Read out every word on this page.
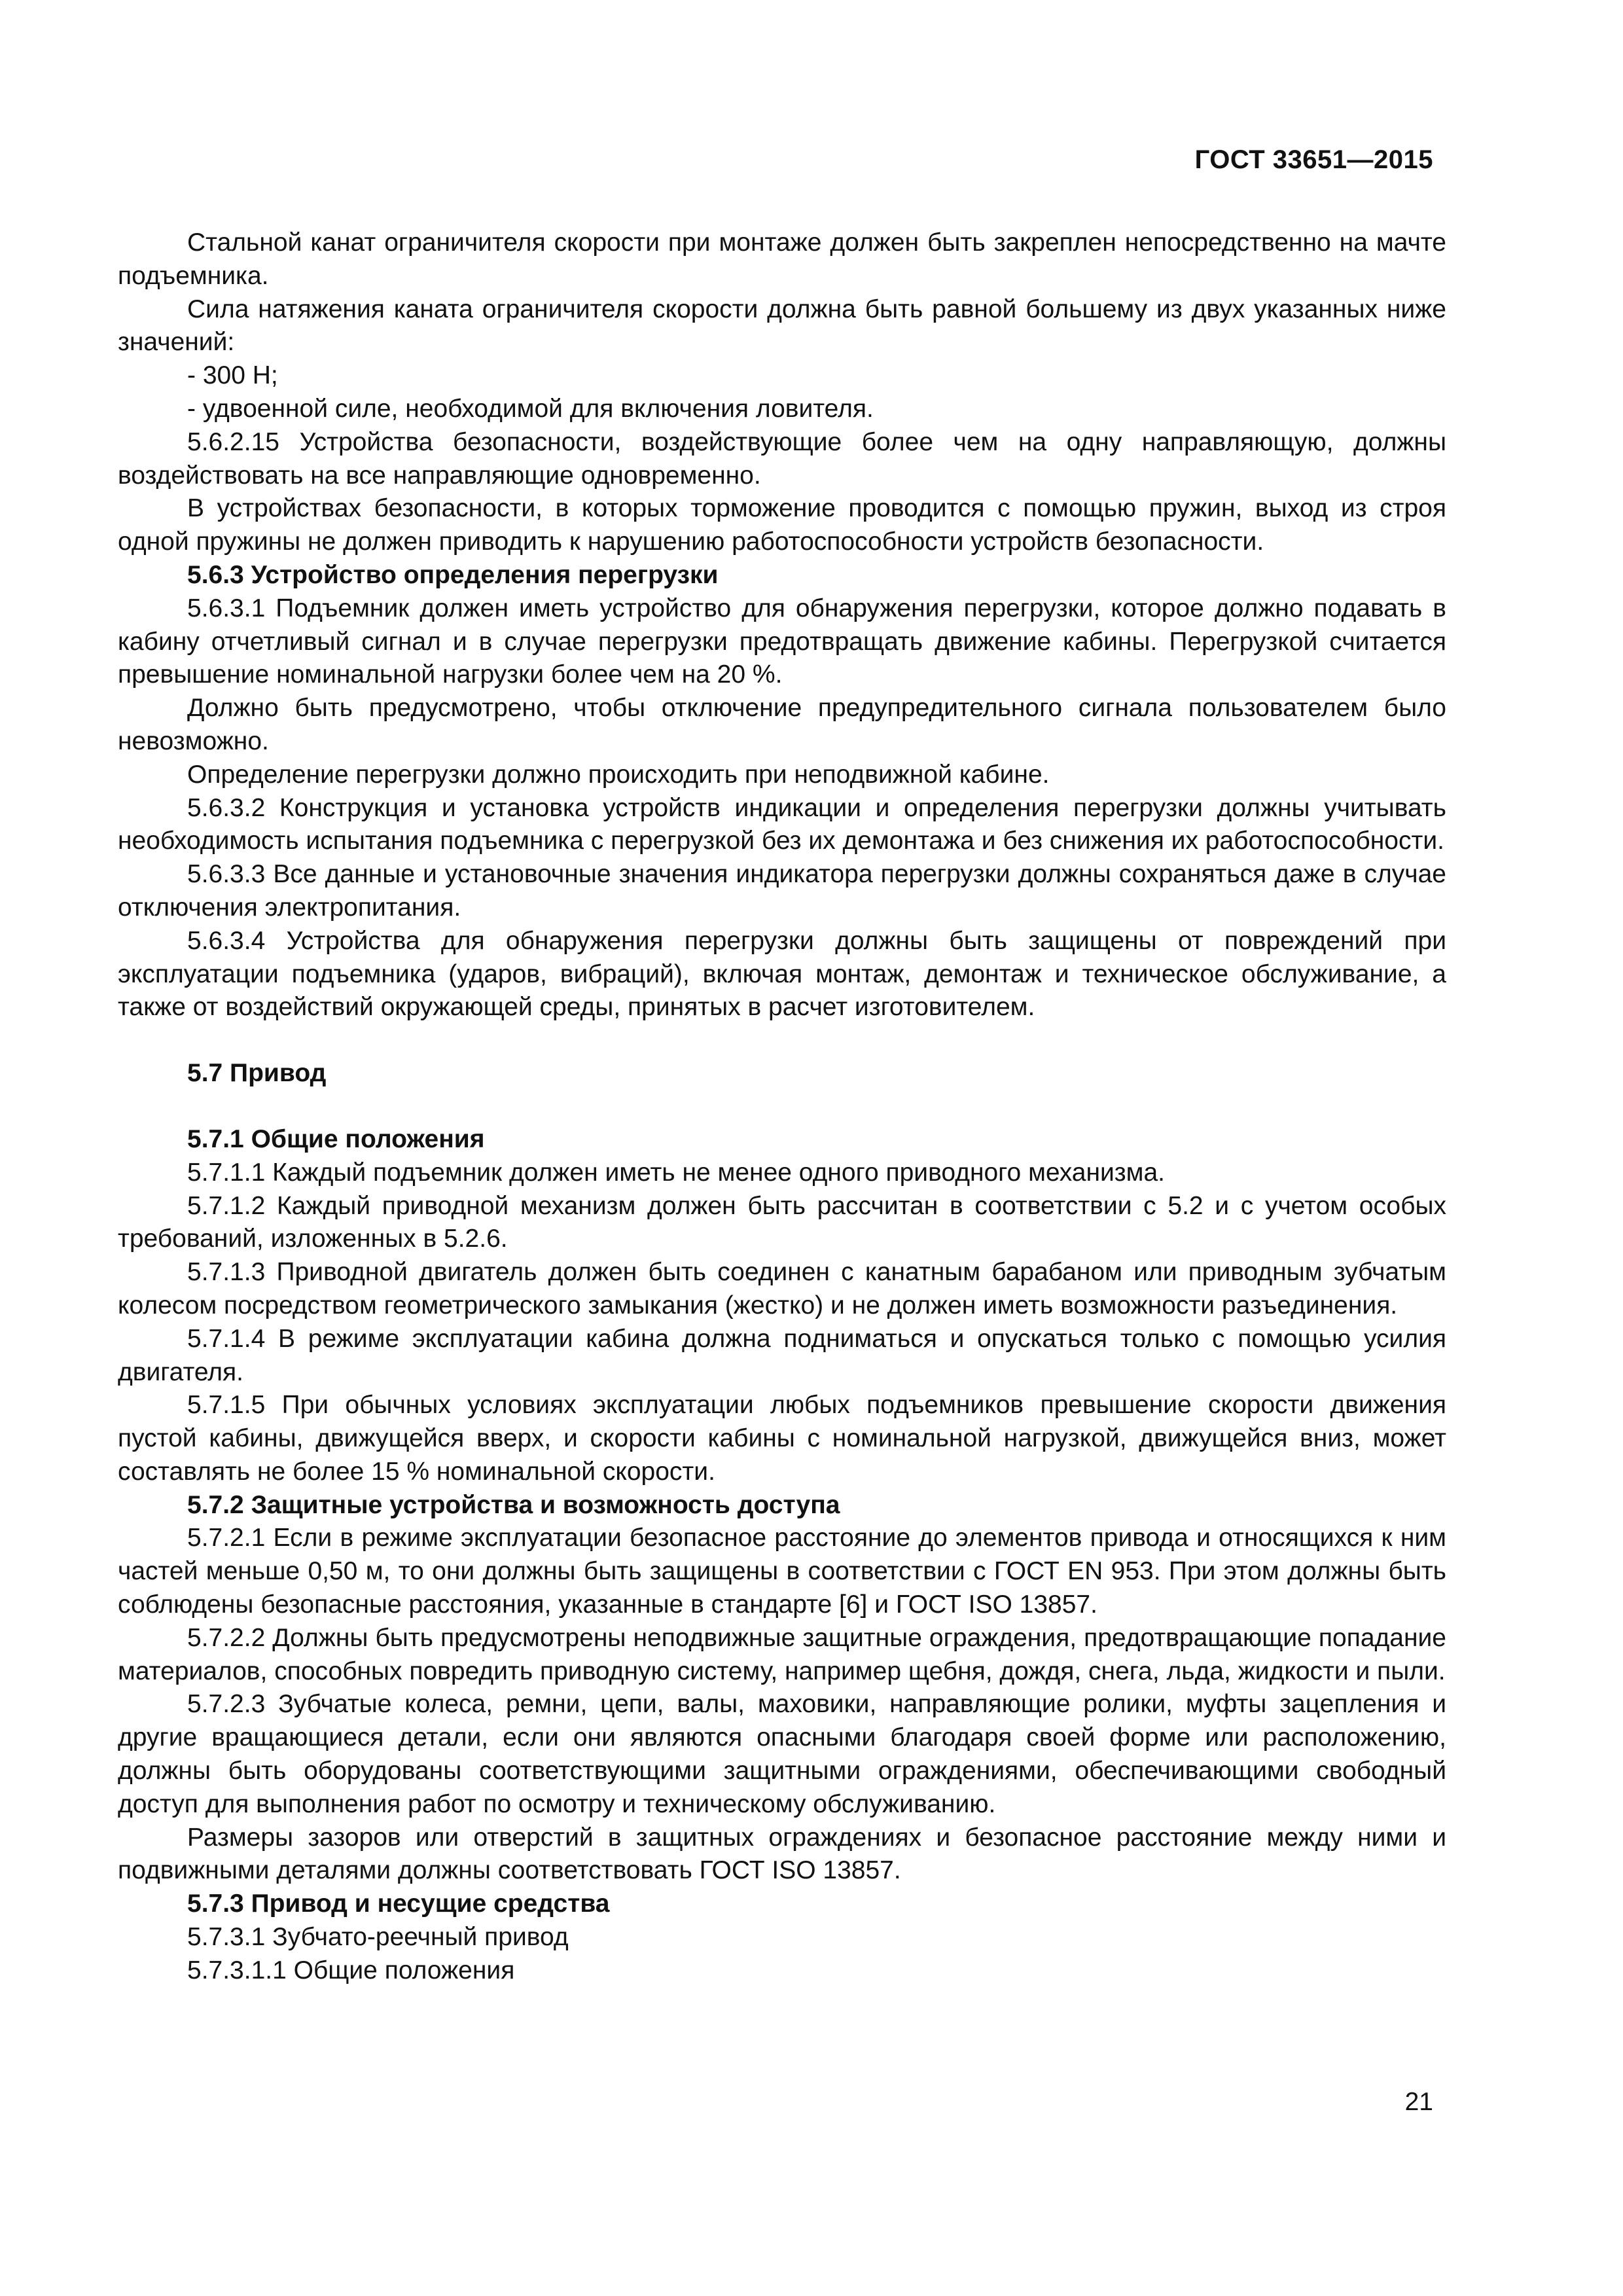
ГОСТ 33651—2015

Стальной канат ограничителя скорости при монтаже должен быть закреплен непосредственно на мачте подъемника.

Сила натяжения каната ограничителя скорости должна быть равной большему из двух указанных ниже значений:

- 300 Н;

- удвоенной силе, необходимой для включения ловителя.

5.6.2.15 Устройства безопасности, воздействующие более чем на одну направляющую, должны воздействовать на все направляющие одновременно.

В устройствах безопасности, в которых торможение проводится с помощью пружин, выход из строя одной пружины не должен приводить к нарушению работоспособности устройств безопасности.

5.6.3 Устройство определения перегрузки

5.6.3.1 Подъемник должен иметь устройство для обнаружения перегрузки, которое должно подавать в кабину отчетливый сигнал и в случае перегрузки предотвращать движение кабины. Перегрузкой считается превышение номинальной нагрузки более чем на 20 %.

Должно быть предусмотрено, чтобы отключение предупредительного сигнала пользователем было невозможно.

Определение перегрузки должно происходить при неподвижной кабине.

5.6.3.2 Конструкция и установка устройств индикации и определения перегрузки должны учитывать необходимость испытания подъемника с перегрузкой без их демонтажа и без снижения их работоспособности.

5.6.3.3 Все данные и установочные значения индикатора перегрузки должны сохраняться даже в случае отключения электропитания.

5.6.3.4 Устройства для обнаружения перегрузки должны быть защищены от повреждений при эксплуатации подъемника (ударов, вибраций), включая монтаж, демонтаж и техническое обслуживание, а также от воздействий окружающей среды, принятых в расчет изготовителем.

5.7 Привод

5.7.1 Общие положения

5.7.1.1 Каждый подъемник должен иметь не менее одного приводного механизма.

5.7.1.2 Каждый приводной механизм должен быть рассчитан в соответствии с 5.2 и с учетом особых требований, изложенных в 5.2.6.

5.7.1.3 Приводной двигатель должен быть соединен с канатным барабаном или приводным зубчатым колесом посредством геометрического замыкания (жестко) и не должен иметь возможности разъединения.

5.7.1.4 В режиме эксплуатации кабина должна подниматься и опускаться только с помощью усилия двигателя.

5.7.1.5 При обычных условиях эксплуатации любых подъемников превышение скорости движения пустой кабины, движущейся вверх, и скорости кабины с номинальной нагрузкой, движущейся вниз, может составлять не более 15 % номинальной скорости.

5.7.2 Защитные устройства и возможность доступа

5.7.2.1 Если в режиме эксплуатации безопасное расстояние до элементов привода и относящихся к ним частей меньше 0,50 м, то они должны быть защищены в соответствии с ГОСТ EN 953. При этом должны быть соблюдены безопасные расстояния, указанные в стандарте [6] и ГОСТ ISO 13857.

5.7.2.2 Должны быть предусмотрены неподвижные защитные ограждения, предотвращающие попадание материалов, способных повредить приводную систему, например щебня, дождя, снега, льда, жидкости и пыли.

5.7.2.3 Зубчатые колеса, ремни, цепи, валы, маховики, направляющие ролики, муфты зацепления и другие вращающиеся детали, если они являются опасными благодаря своей форме или расположению, должны быть оборудованы соответствующими защитными ограждениями, обеспечивающими свободный доступ для выполнения работ по осмотру и техническому обслуживанию.

Размеры зазоров или отверстий в защитных ограждениях и безопасное расстояние между ними и подвижными деталями должны соответствовать ГОСТ ISO 13857.

5.7.3 Привод и несущие средства

5.7.3.1 Зубчато-реечный привод

5.7.3.1.1 Общие положения

21
